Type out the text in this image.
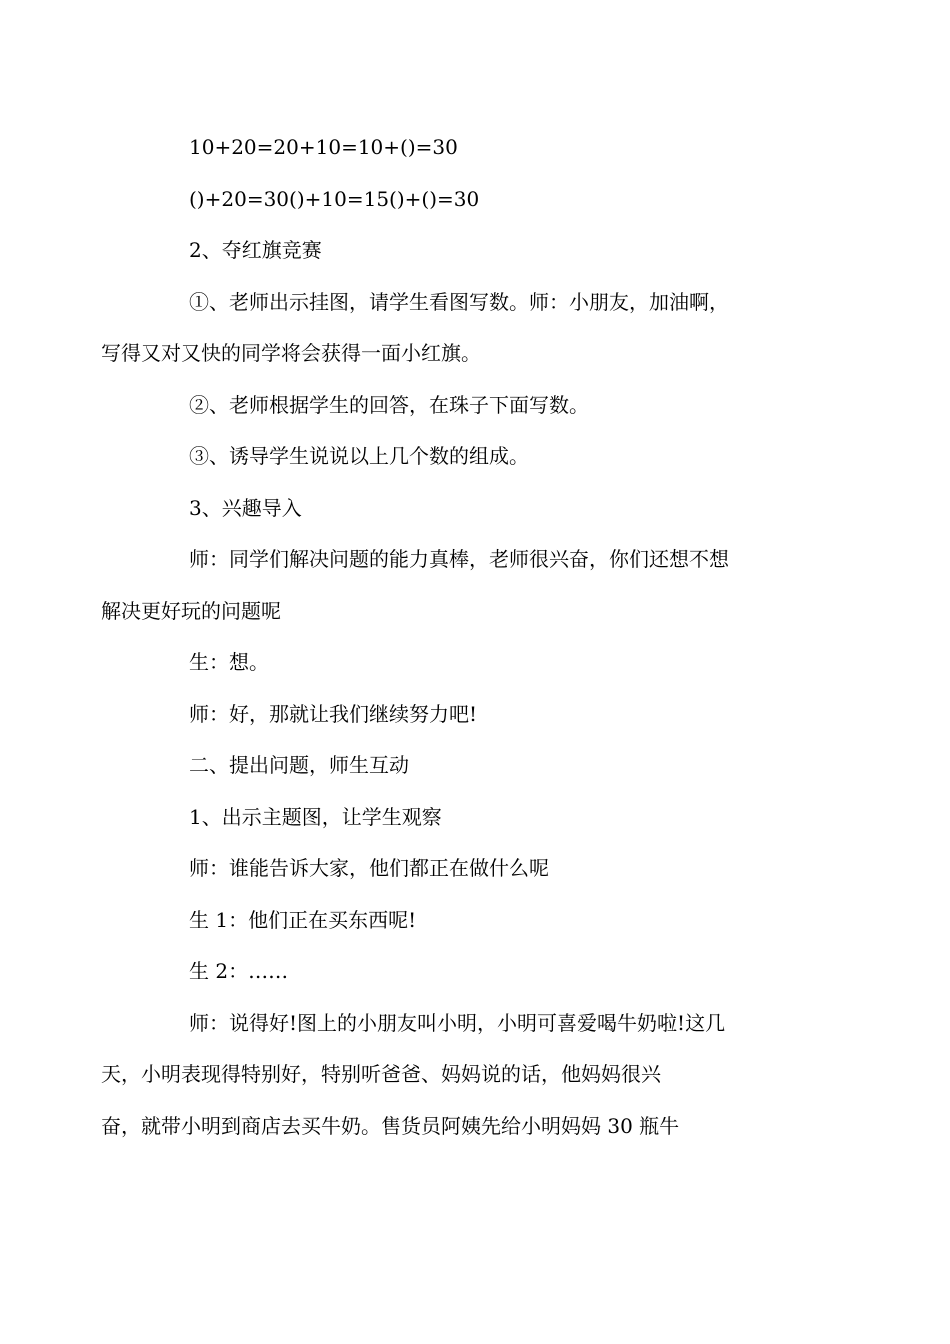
10+20=20+10=10+()=30

()+20=30()+10=15()+()=30

2、夺红旗竞赛

①、老师出示挂图，请学生看图写数。师：小朋友，加油啊，
写得又对又快的同学将会获得一面小红旗。

②、老师根据学生的回答，在珠子下面写数。

③、诱导学生说说以上几个数的组成。

3、兴趣导入

师：同学们解决问题的能力真棒，老师很兴奋，你们还想不想
解决更好玩的问题呢

生：想。

师：好，那就让我们继续努力吧!

二、提出问题，师生互动

1、出示主题图，让学生观察

师：谁能告诉大家，他们都正在做什么呢

生 1：他们正在买东西呢!

生 2：……

师：说得好!图上的小朋友叫小明，小明可喜爱喝牛奶啦!这几
天，小明表现得特别好，特别听爸爸、妈妈说的话，他妈妈很兴
奋，就带小明到商店去买牛奶。售货员阿姨先给小明妈妈 30 瓶牛
